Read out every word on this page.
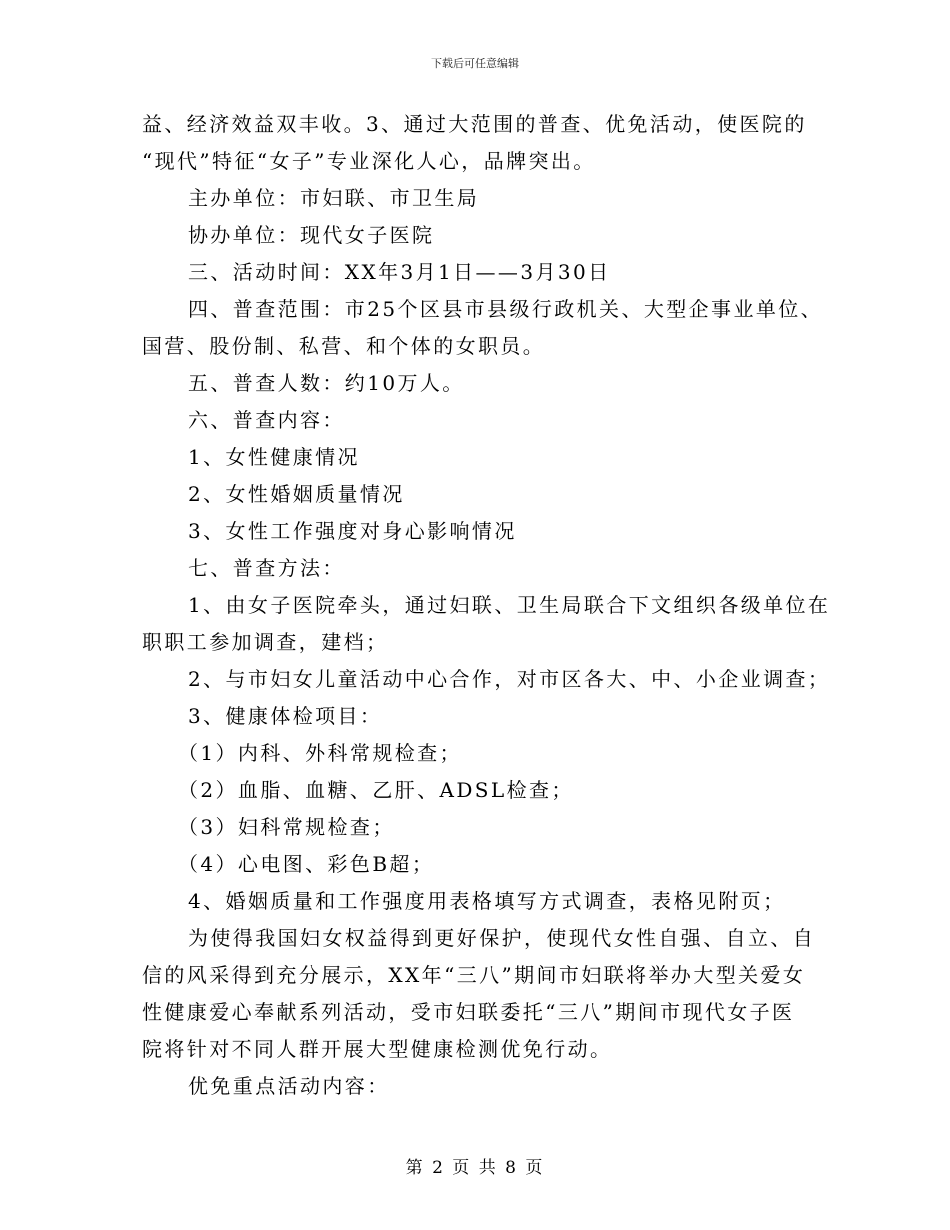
下载后可任意编辑
益、经济效益双丰收。3、通过大范围的普查、优免活动，使医院的
“现代”特征“女子”专业深化人心，品牌突出。
主办单位：市妇联、市卫生局
协办单位：现代女子医院
三、活动时间：XX年3月1日——3月30日
四、普查范围：市25个区县市县级行政机关、大型企事业单位、
国营、股份制、私营、和个体的女职员。
五、普查人数：约10万人。
六、普查内容：
1、女性健康情况
2、女性婚姻质量情况
3、女性工作强度对身心影响情况
七、普查方法：
1、由女子医院牵头，通过妇联、卫生局联合下文组织各级单位在
职职工参加调查，建档；
2、与市妇女儿童活动中心合作，对市区各大、中、小企业调查；
3、健康体检项目：
（1）内科、外科常规检查；
（2）血脂、血糖、乙肝、ADSL检查；
（3）妇科常规检查；
（4）心电图、彩色B超；
4、婚姻质量和工作强度用表格填写方式调查，表格见附页；
为使得我国妇女权益得到更好保护，使现代女性自强、自立、自
信的风采得到充分展示，XX年“三八”期间市妇联将举办大型关爱女
性健康爱心奉献系列活动，受市妇联委托“三八”期间市现代女子医
院将针对不同人群开展大型健康检测优免行动。
优免重点活动内容：
第 2 页 共 8 页
